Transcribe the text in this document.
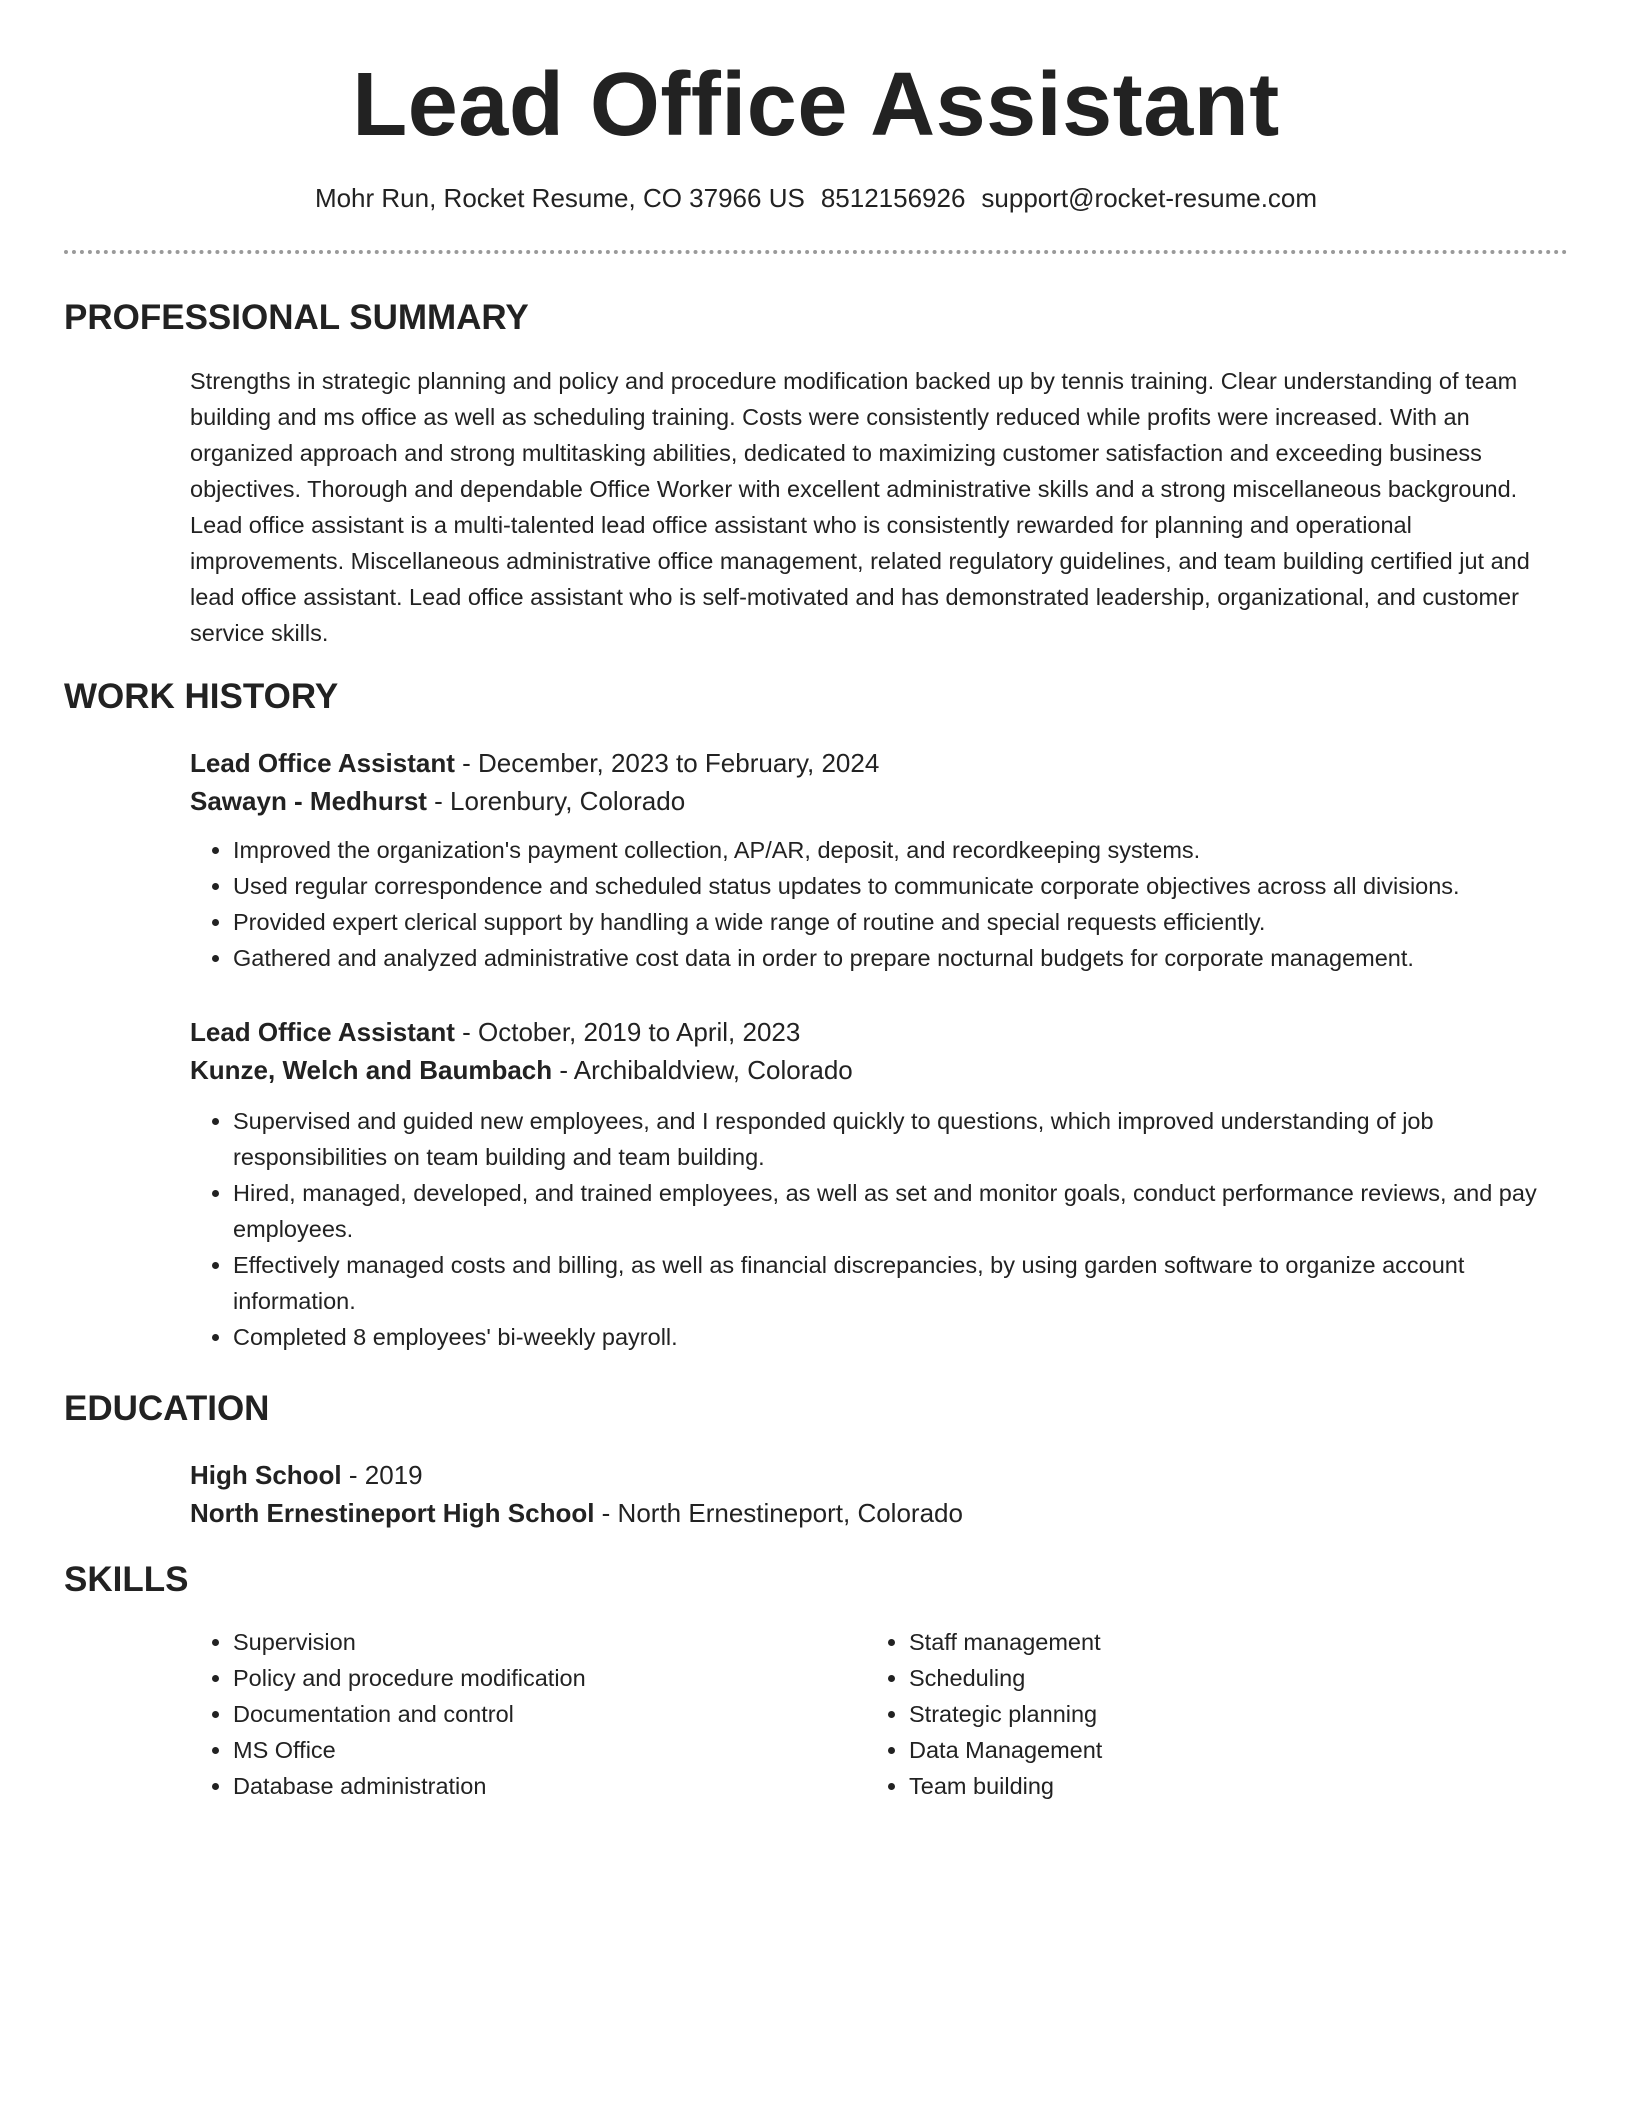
Lead Office Assistant
Mohr Run, Rocket Resume, CO 37966 US 8512156926 support@rocket-resume.com
PROFESSIONAL SUMMARY
Strengths in strategic planning and policy and procedure modification backed up by tennis training. Clear understanding of team building and ms office as well as scheduling training. Costs were consistently reduced while profits were increased. With an organized approach and strong multitasking abilities, dedicated to maximizing customer satisfaction and exceeding business objectives. Thorough and dependable Office Worker with excellent administrative skills and a strong miscellaneous background. Lead office assistant is a multi-talented lead office assistant who is consistently rewarded for planning and operational improvements. Miscellaneous administrative office management, related regulatory guidelines, and team building certified jut and lead office assistant. Lead office assistant who is self-motivated and has demonstrated leadership, organizational, and customer service skills.
WORK HISTORY
Lead Office Assistant - December, 2023 to February, 2024
Sawayn - Medhurst - Lorenbury, Colorado
• Improved the organization's payment collection, AP/AR, deposit, and recordkeeping systems.
• Used regular correspondence and scheduled status updates to communicate corporate objectives across all divisions.
• Provided expert clerical support by handling a wide range of routine and special requests efficiently.
• Gathered and analyzed administrative cost data in order to prepare nocturnal budgets for corporate management.
Lead Office Assistant - October, 2019 to April, 2023
Kunze, Welch and Baumbach - Archibaldview, Colorado
• Supervised and guided new employees, and I responded quickly to questions, which improved understanding of job responsibilities on team building and team building.
• Hired, managed, developed, and trained employees, as well as set and monitor goals, conduct performance reviews, and pay employees.
• Effectively managed costs and billing, as well as financial discrepancies, by using garden software to organize account information.
• Completed 8 employees' bi-weekly payroll.
EDUCATION
High School - 2019
North Ernestineport High School - North Ernestineport, Colorado
SKILLS
• Supervision
• Policy and procedure modification
• Documentation and control
• MS Office
• Database administration
• Staff management
• Scheduling
• Strategic planning
• Data Management
• Team building
